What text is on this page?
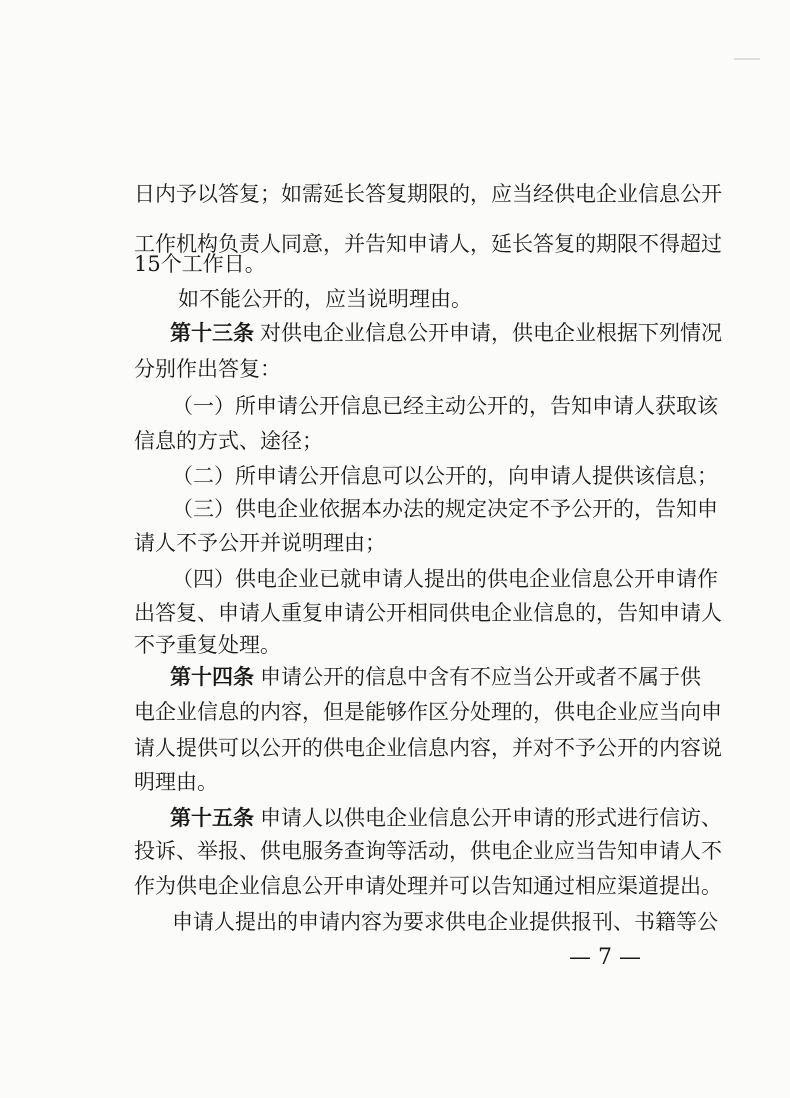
日内予以答复；如需延长答复期限的，应当经供电企业信息公开

工作机构负责人同意，并告知申请人，延长答复的期限不得超过

15个工作日。

如不能公开的，应当说明理由。

第十三条 对供电企业信息公开申请，供电企业根据下列情况

分别作出答复：

（一）所申请公开信息已经主动公开的，告知申请人获取该

信息的方式、途径；

（二）所申请公开信息可以公开的，向申请人提供该信息；

（三）供电企业依据本办法的规定决定不予公开的，告知申

请人不予公开并说明理由；

（四）供电企业已就申请人提出的供电企业信息公开申请作

出答复、申请人重复申请公开相同供电企业信息的，告知申请人

不予重复处理。

第十四条 申请公开的信息中含有不应当公开或者不属于供

电企业信息的内容，但是能够作区分处理的，供电企业应当向申

请人提供可以公开的供电企业信息内容，并对不予公开的内容说

明理由。

第十五条 申请人以供电企业信息公开申请的形式进行信访、

投诉、举报、供电服务查询等活动，供电企业应当告知申请人不

作为供电企业信息公开申请处理并可以告知通过相应渠道提出。

申请人提出的申请内容为要求供电企业提供报刊、书籍等公

— 7 —
